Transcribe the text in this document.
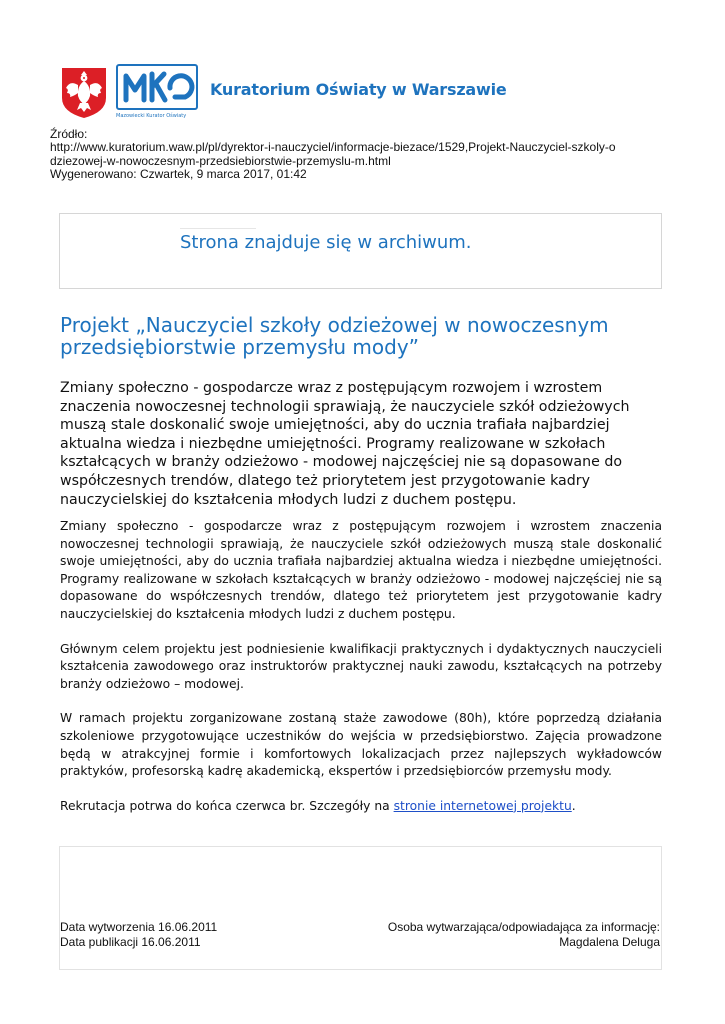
Mazowiecki Kurator Oświaty
Kuratorium Oświaty w Warszawie
Źródło:
http://www.kuratorium.waw.pl/pl/dyrektor-i-nauczyciel/informacje-biezace/1529,Projekt-Nauczyciel-szkoly-o
dziezowej-w-nowoczesnym-przedsiebiorstwie-przemyslu-m.html
Wygenerowano: Czwartek, 9 marca 2017, 01:42
Strona znajduje się w archiwum.
Projekt „Nauczyciel szkoły odzieżowej w nowoczesnym przedsiębiorstwie przemysłu mody”
Zmiany społeczno - gospodarcze wraz z postępującym rozwojem i wzrostem znaczenia nowoczesnej technologii sprawiają, że nauczyciele szkół odzieżowych muszą stale doskonalić swoje umiejętności, aby do ucznia trafiała najbardziej aktualna wiedza i niezbędne umiejętności. Programy realizowane w szkołach kształcących w branży odzieżowo - modowej najczęściej nie są dopasowane do współczesnych trendów, dlatego też priorytetem jest przygotowanie kadry nauczycielskiej do kształcenia młodych ludzi z duchem postępu.

Zmiany społeczno - gospodarcze wraz z postępującym rozwojem i wzrostem znaczenia nowoczesnej technologii sprawiają, że nauczyciele szkół odzieżowych muszą stale doskonalić swoje umiejętności, aby do ucznia trafiała najbardziej aktualna wiedza i niezbędne umiejętności. Programy realizowane w szkołach kształcących w branży odzieżowo - modowej najczęściej nie są dopasowane do współczesnych trendów, dlatego też priorytetem jest przygotowanie kadry nauczycielskiej do kształcenia młodych ludzi z duchem postępu.

Głównym celem projektu jest podniesienie kwalifikacji praktycznych i dydaktycznych nauczycieli kształcenia zawodowego oraz instruktorów praktycznej nauki zawodu, kształcących na potrzeby branży odzieżowo – modowej.

W ramach projektu zorganizowane zostaną staże zawodowe (80h), które poprzedzą działania szkoleniowe przygotowujące uczestników do wejścia w przedsiębiorstwo. Zajęcia prowadzone będą w atrakcyjnej formie i komfortowych lokalizacjach przez najlepszych wykładowców praktyków, profesorską kadrę akademicką, ekspertów i przedsiębiorców przemysłu mody.

Rekrutacja potrwa do końca czerwca br. Szczegóły na stronie internetowej projektu.

Data wytworzenia 16.06.2011
Data publikacji 16.06.2011
Osoba wytwarzająca/odpowiadająca za informację:
Magdalena Deluga
